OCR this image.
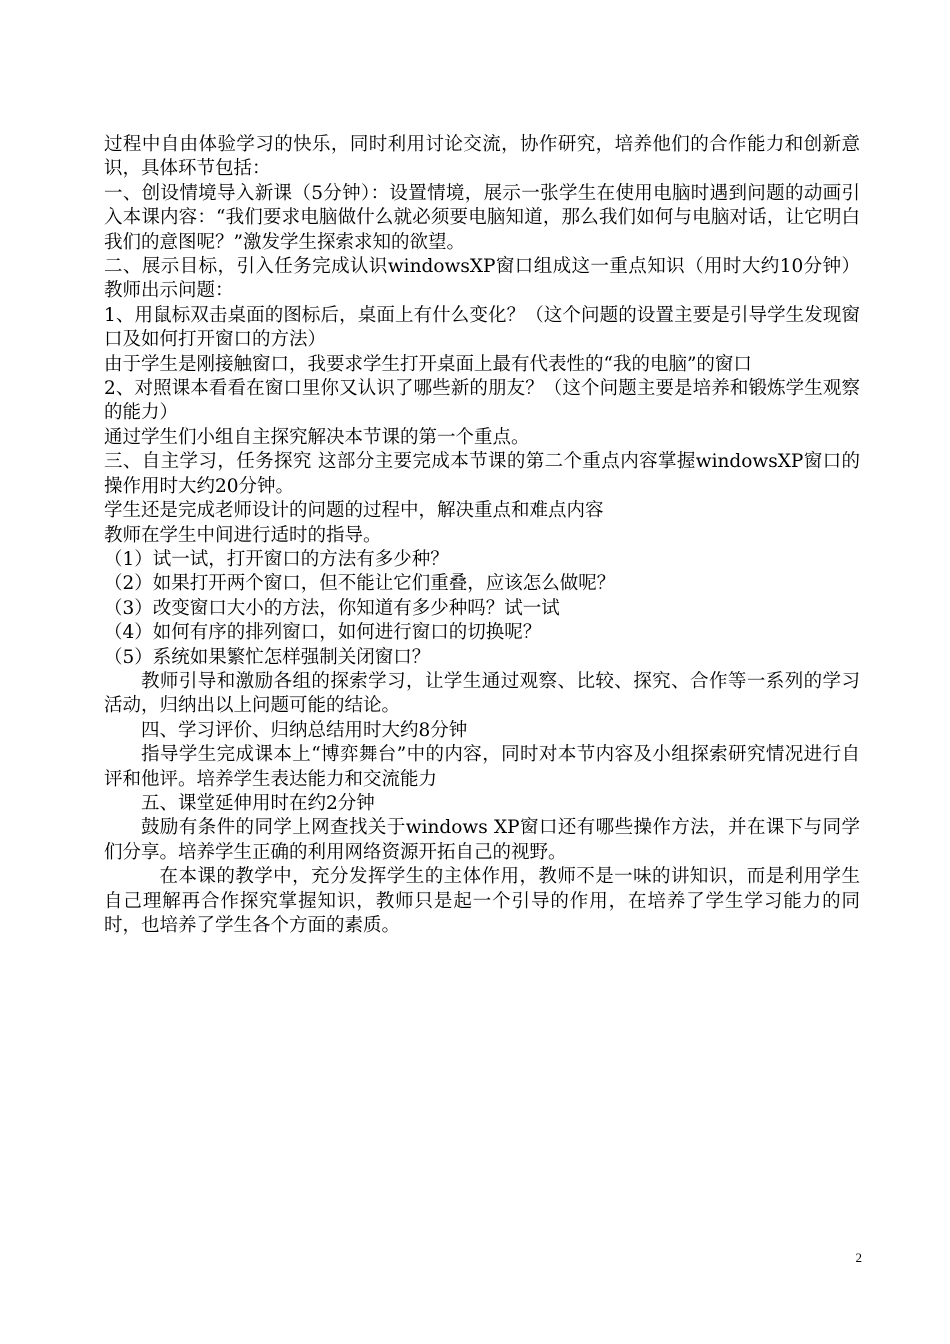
过程中自由体验学习的快乐，同时利用讨论交流，协作研究，培养他们的合作能力和创新意识，具体环节包括：

一、创设情境导入新课（5分钟）：设置情境，展示一张学生在使用电脑时遇到问题的动画引入本课内容：“我们要求电脑做什么就必须要电脑知道，那么我们如何与电脑对话，让它明白我们的意图呢？”激发学生探索求知的欲望。

二、展示目标，引入任务完成认识windowsXP窗口组成这一重点知识（用时大约10分钟）教师出示问题：

1、用鼠标双击桌面的图标后，桌面上有什么变化？（这个问题的设置主要是引导学生发现窗口及如何打开窗口的方法）

由于学生是刚接触窗口，我要求学生打开桌面上最有代表性的“我的电脑”的窗口

2、对照课本看看在窗口里你又认识了哪些新的朋友？（这个问题主要是培养和锻炼学生观察的能力）

通过学生们小组自主探究解决本节课的第一个重点。

三、自主学习，任务探究 这部分主要完成本节课的第二个重点内容掌握windowsXP窗口的操作用时大约20分钟。

学生还是完成老师设计的问题的过程中，解决重点和难点内容

教师在学生中间进行适时的指导。

（1）试一试，打开窗口的方法有多少种？

（2）如果打开两个窗口，但不能让它们重叠，应该怎么做呢？

（3）改变窗口大小的方法，你知道有多少种吗？试一试

（4）如何有序的排列窗口，如何进行窗口的切换呢？

（5）系统如果繁忙怎样强制关闭窗口？

教师引导和激励各组的探索学习，让学生通过观察、比较、探究、合作等一系列的学习活动，归纳出以上问题可能的结论。

四、学习评价、归纳总结用时大约8分钟

指导学生完成课本上“博弈舞台”中的内容，同时对本节内容及小组探索研究情况进行自评和他评。培养学生表达能力和交流能力

五、课堂延伸用时在约2分钟

鼓励有条件的同学上网查找关于windows XP窗口还有哪些操作方法，并在课下与同学们分享。培养学生正确的利用网络资源开拓自己的视野。

在本课的教学中，充分发挥学生的主体作用，教师不是一味的讲知识，而是利用学生自己理解再合作探究掌握知识，教师只是起一个引导的作用，在培养了学生学习能力的同时，也培养了学生各个方面的素质。

2
